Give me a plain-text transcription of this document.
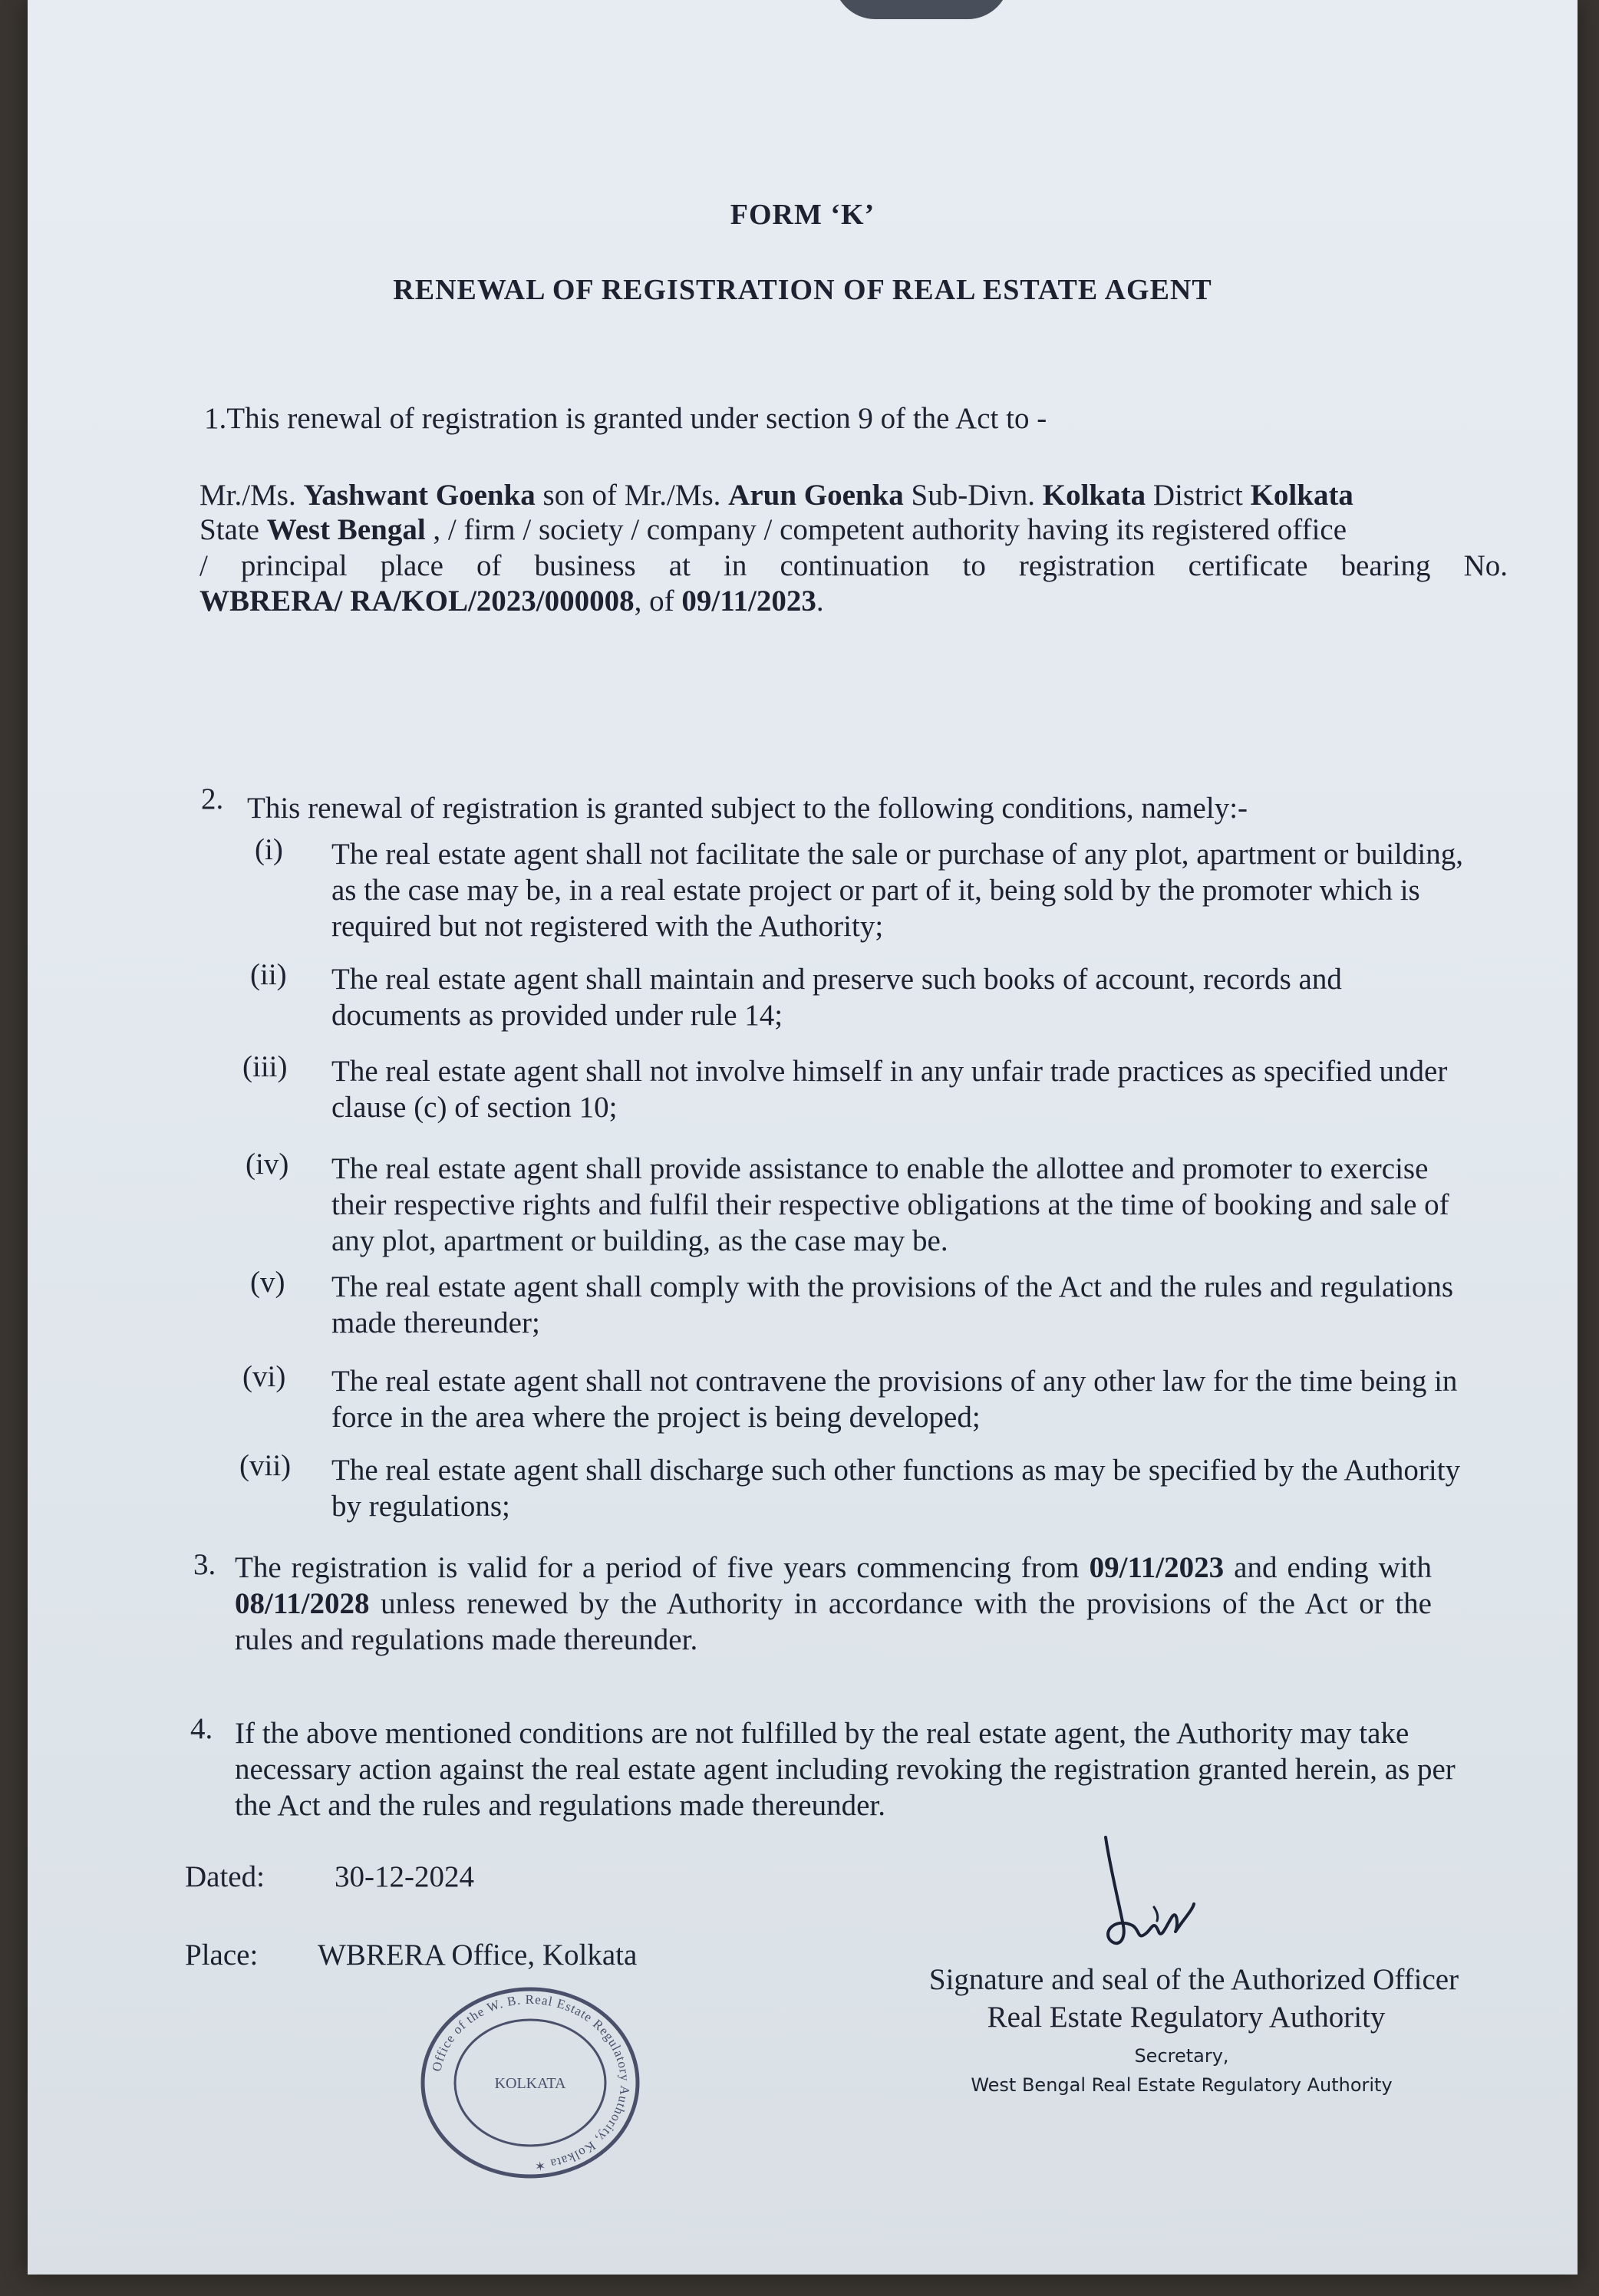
FORM ‘K’
RENEWAL OF REGISTRATION OF REAL ESTATE AGENT
1.This renewal of registration is granted under section 9 of the Act to -
Mr./Ms. Yashwant Goenka son of Mr./Ms. Arun Goenka Sub-Divn. Kolkata District Kolkata
State West Bengal , / firm / society / company / competent authority having its registered office
/ principal place of business at in continuation to registration certificate bearing No.
WBRERA/ RA/KOL/2023/000008, of 09/11/2023.
2. This renewal of registration is granted subject to the following conditions, namely:-
(i) The real estate agent shall not facilitate the sale or purchase of any plot, apartment or building, as the case may be, in a real estate project or part of it, being sold by the promoter which is required but not registered with the Authority;
(ii) The real estate agent shall maintain and preserve such books of account, records and documents as provided under rule 14;
(iii) The real estate agent shall not involve himself in any unfair trade practices as specified under clause (c) of section 10;
(iv) The real estate agent shall provide assistance to enable the allottee and promoter to exercise their respective rights and fulfil their respective obligations at the time of booking and sale of any plot, apartment or building, as the case may be.
(v) The real estate agent shall comply with the provisions of the Act and the rules and regulations made thereunder;
(vi) The real estate agent shall not contravene the provisions of any other law for the time being in force in the area where the project is being developed;
(vii) The real estate agent shall discharge such other functions as may be specified by the Authority by regulations;
3. The registration is valid for a period of five years commencing from 09/11/2023 and ending with 08/11/2028 unless renewed by the Authority in accordance with the provisions of the Act or the rules and regulations made thereunder.
4. If the above mentioned conditions are not fulfilled by the real estate agent, the Authority may take necessary action against the real estate agent including revoking the registration granted herein, as per the Act and the rules and regulations made thereunder.
Dated: 30-12-2024
Place: WBRERA Office, Kolkata
Office of the W. B. Real Estate Regulatory Authority, Kolkata ✶
KOLKATA
Signature and seal of the Authorized Officer
Real Estate Regulatory Authority
Secretary,
West Bengal Real Estate Regulatory Authority
